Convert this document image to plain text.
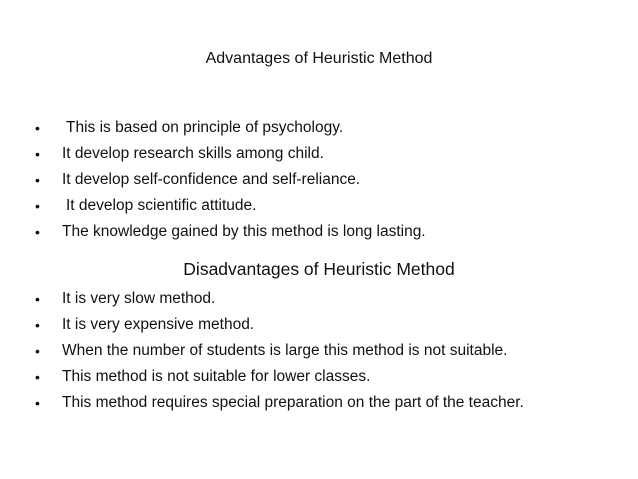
Advantages of Heuristic Method
•	This is based on principle of psychology.
•	It develop research skills among child.
•	It develop self-confidence and self-reliance.
•	It develop scientific attitude.
•	The knowledge gained by this method is long lasting.
Disadvantages of Heuristic Method
•	It is very slow method.
•	It is very expensive method.
•	When the number of students is large this method is not suitable.
•	This method is not suitable for lower classes.
•	This method requires special preparation on the part of the teacher.
